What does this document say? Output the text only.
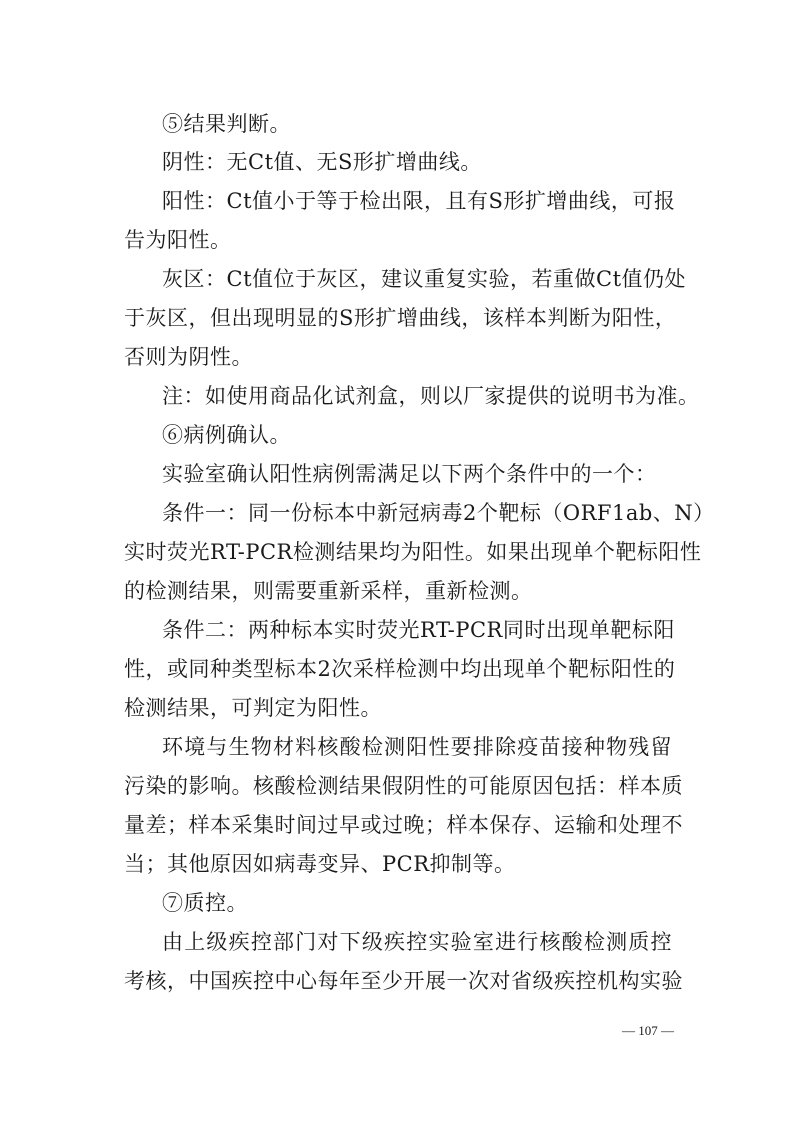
⑤结果判断。
阴性：无Ct值、无S形扩增曲线。
阳性：Ct值小于等于检出限，且有S形扩增曲线，可报
告为阳性。
灰区：Ct值位于灰区，建议重复实验，若重做Ct值仍处
于灰区，但出现明显的S形扩增曲线，该样本判断为阳性，
否则为阴性。
注：如使用商品化试剂盒，则以厂家提供的说明书为准。
⑥病例确认。
实验室确认阳性病例需满足以下两个条件中的一个：
条件一：同一份标本中新冠病毒2个靶标（ORF1ab、N）
实时荧光RT-PCR检测结果均为阳性。如果出现单个靶标阳性
的检测结果，则需要重新采样，重新检测。
条件二：两种标本实时荧光RT-PCR同时出现单靶标阳
性，或同种类型标本2次采样检测中均出现单个靶标阳性的
检测结果，可判定为阳性。
环境与生物材料核酸检测阳性要排除疫苗接种物残留
污染的影响。核酸检测结果假阴性的可能原因包括：样本质
量差；样本采集时间过早或过晚；样本保存、运输和处理不
当；其他原因如病毒变异、PCR抑制等。
⑦质控。
由上级疾控部门对下级疾控实验室进行核酸检测质控
考核，中国疾控中心每年至少开展一次对省级疾控机构实验
— 107 —
